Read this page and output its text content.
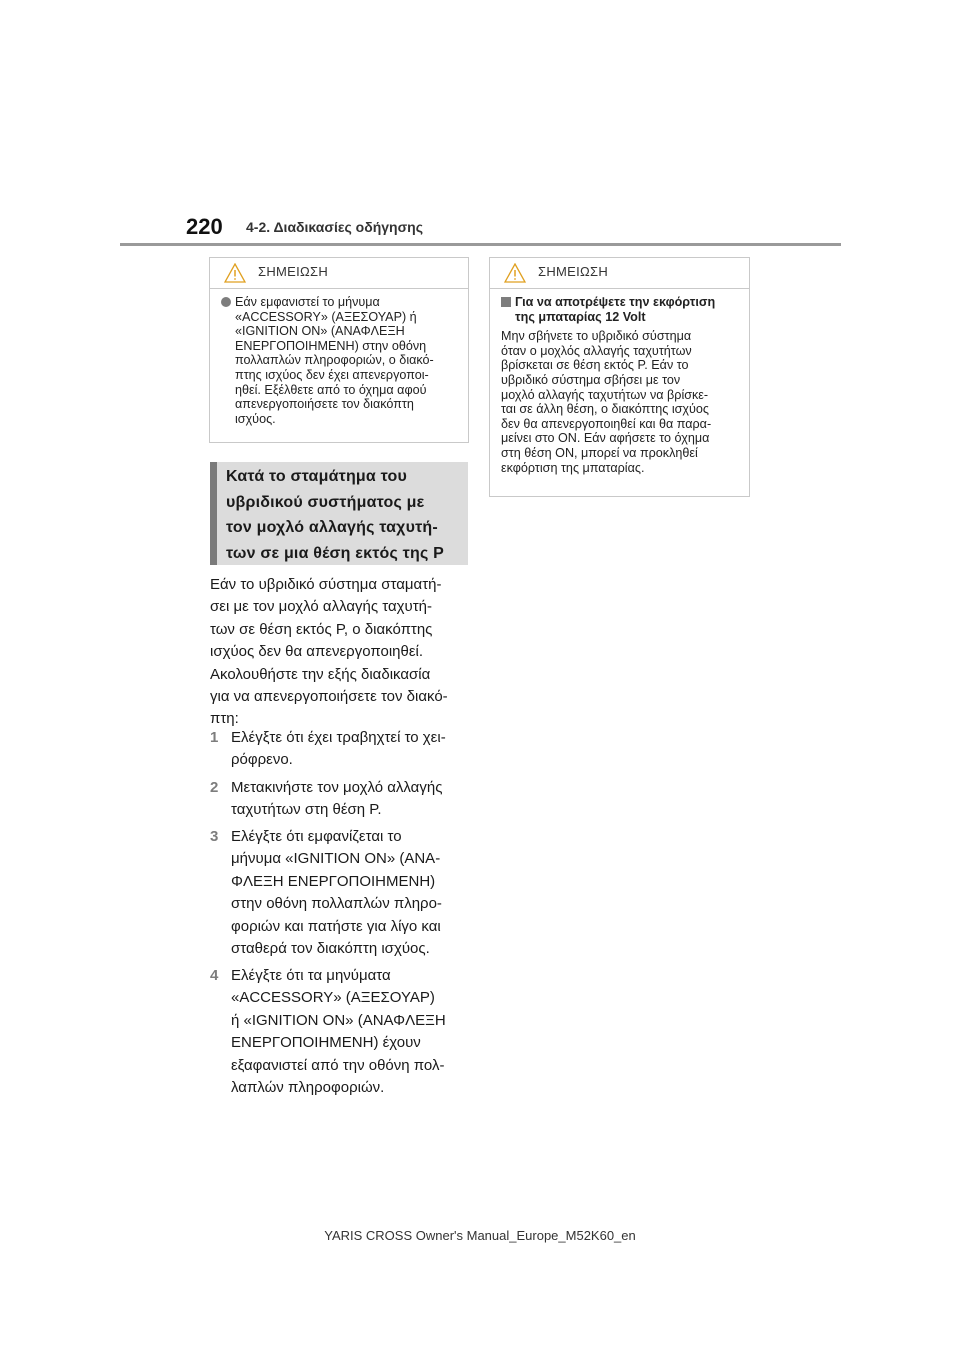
220 4-2. Διαδικασίες οδήγησης
ΣΗΜΕΙΩΣΗ
Εάν εμφανιστεί το μήνυμα
«ACCESSORY» (ΑΞΕΣΟΥΑΡ) ή
«IGNITION ON» (ΑΝΑΦΛΕΞΗ
ΕΝΕΡΓΟΠΟΙΗΜΕΝΗ) στην οθόνη
πολλαπλών πληροφοριών, ο διακό-
πτης ισχύος δεν έχει απενεργοποι-
ηθεί. Εξέλθετε από το όχημα αφού
απενεργοποιήσετε τον διακόπτη
ισχύος.
Κατά το σταμάτημα του
υβριδικού συστήματος με
τον μοχλό αλλαγής ταχυτή-
των σε μια θέση εκτός της P
Εάν το υβριδικό σύστημα σταματή-
σει με τον μοχλό αλλαγής ταχυτή-
των σε θέση εκτός P, ο διακόπτης
ισχύος δεν θα απενεργοποιηθεί.
Ακολουθήστε την εξής διαδικασία
για να απενεργοποιήσετε τον διακό-
πτη:
1 Ελέγξτε ότι έχει τραβηχτεί το χει-
ρόφρενο.
2 Μετακινήστε τον μοχλό αλλαγής
ταχυτήτων στη θέση P.
3 Ελέγξτε ότι εμφανίζεται το
μήνυμα «IGNITION ON» (ΑΝΑ-
ΦΛΕΞΗ ΕΝΕΡΓΟΠΟΙΗΜΕΝΗ)
στην οθόνη πολλαπλών πληρο-
φοριών και πατήστε για λίγο και
σταθερά τον διακόπτη ισχύος.
4 Ελέγξτε ότι τα μηνύματα
«ACCESSORY» (ΑΞΕΣΟΥΑΡ)
ή «IGNITION ON» (ΑΝΑΦΛΕΞΗ
ΕΝΕΡΓΟΠΟΙΗΜΕΝΗ) έχουν
εξαφανιστεί από την οθόνη πολ-
λαπλών πληροφοριών.
ΣΗΜΕΙΩΣΗ
Για να αποτρέψετε την εκφόρτιση
της μπαταρίας 12 Volt
Μην σβήνετε το υβριδικό σύστημα
όταν ο μοχλός αλλαγής ταχυτήτων
βρίσκεται σε θέση εκτός P. Εάν το
υβριδικό σύστημα σβήσει με τον
μοχλό αλλαγής ταχυτήτων να βρίσκε-
ται σε άλλη θέση, ο διακόπτης ισχύος
δεν θα απενεργοποιηθεί και θα παρα-
μείνει στο ON. Εάν αφήσετε το όχημα
στη θέση ON, μπορεί να προκληθεί
εκφόρτιση της μπαταρίας.
YARIS CROSS Owner's Manual_Europe_M52K60_en
